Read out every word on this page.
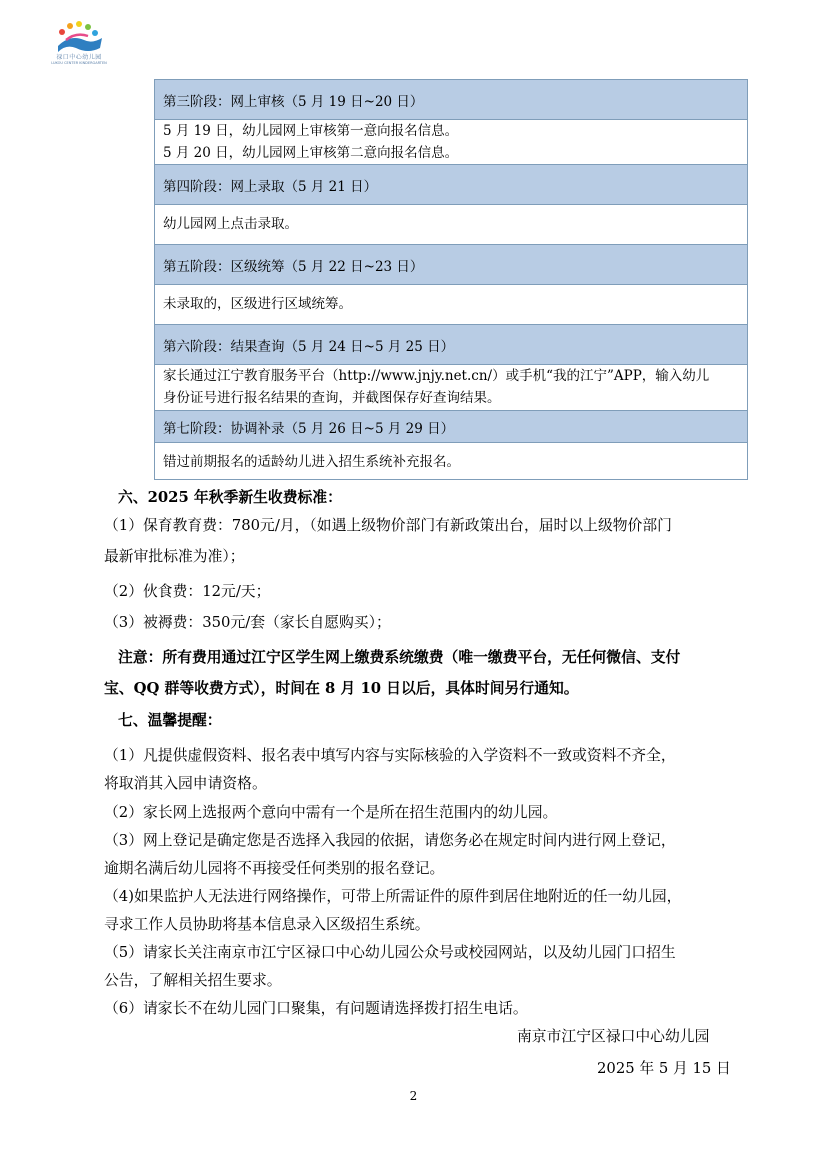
禄口中心幼儿园
LUKOU CENTER KINDERGARTEN
第三阶段：网上审核（5 月 19 日~20 日）

5 月 19 日，幼儿园网上审核第一意向报名信息。
5 月 20 日，幼儿园网上审核第二意向报名信息。

第四阶段：网上录取（5 月 21 日）

幼儿园网上点击录取。

第五阶段：区级统筹（5 月 22 日~23 日）

未录取的，区级进行区域统筹。

第六阶段：结果查询（5 月 24 日~5 月 25 日）

家长通过江宁教育服务平台（http://www.jnjy.net.cn/）或手机“我的江宁”APP，输入幼儿
身份证号进行报名结果的查询，并截图保存好查询结果。

第七阶段：协调补录（5 月 26 日~5 月 29 日）

错过前期报名的适龄幼儿进入招生系统补充报名。
六、2025 年秋季新生收费标准：
（1）保育教育费：780元/月，（如遇上级物价部门有新政策出台，届时以上级物价部门
最新审批标准为准）；
（2）伙食费：12元/天；
（3）被褥费：350元/套（家长自愿购买）；
注意：所有费用通过江宁区学生网上缴费系统缴费（唯一缴费平台，无任何微信、支付
宝、QQ 群等收费方式），时间在 8 月 10 日以后，具体时间另行通知。
七、温馨提醒：
（1）凡提供虚假资料、报名表中填写内容与实际核验的入学资料不一致或资料不齐全，
将取消其入园申请资格。
（2）家长网上选报两个意向中需有一个是所在招生范围内的幼儿园。
（3）网上登记是确定您是否选择入我园的依据，请您务必在规定时间内进行网上登记，
逾期名满后幼儿园将不再接受任何类别的报名登记。
（4)如果监护人无法进行网络操作，可带上所需证件的原件到居住地附近的任一幼儿园，
寻求工作人员协助将基本信息录入区级招生系统。
（5）请家长关注南京市江宁区禄口中心幼儿园公众号或校园网站，以及幼儿园门口招生
公告，了解相关招生要求。
（6）请家长不在幼儿园门口聚集，有问题请选择拨打招生电话。
南京市江宁区禄口中心幼儿园
2025 年 5 月 15 日
2
